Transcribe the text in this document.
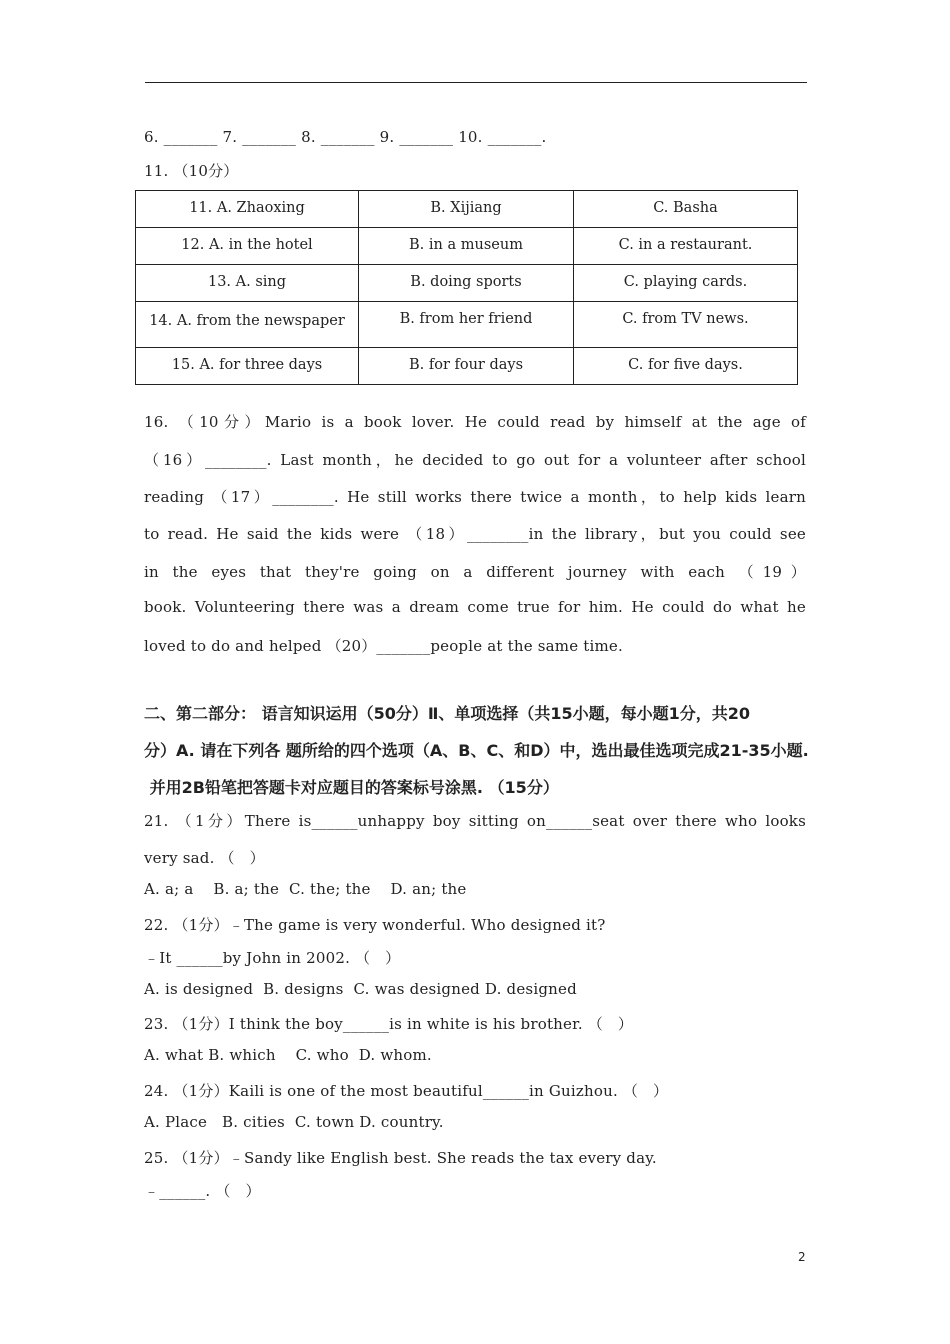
6. _______ 7. _______ 8. _______ 9. _______ 10. _______.
11. （10分）
11. A. Zhaoxing	B. Xijiang	C. Basha
12. A. in the hotel	B. in a museum	C. in a restaurant.
13. A. sing	B. doing sports	C. playing cards.
14. A. from the newspaper	B. from her friend	C. from TV news.
15. A. for three days	B. for four days	C. for five days.
16. （10分）Mario is a book lover. He could read by himself at the age of
（16）________. Last month，he decided to go out for a volunteer after school
reading （17）________. He still works there twice a month，to help kids learn
to read. He said the kids were （18）________in the library，but you could see
in the eyes that they're going on a different journey with each （19）
book. Volunteering there was a dream come true for him. He could do what he
loved to do and helped （20）_______people at the same time.
二、第二部分： 语言知识运用（50分）Ⅱ、单项选择（共15小题，每小题1分，共20
分）A. 请在下列各 题所给的四个选项（A、B、C、和D）中，选出最佳选项完成21-35小题.
并用2B铅笔把答题卡对应题目的答案标号涂黑. （15分）
21. （1分）There is______unhappy boy sitting on______seat over there who looks
very sad. （   ）
A. a; a    B. a; the  C. the; the    D. an; the
22. （1分）﹣The game is very wonderful. Who designed it?
﹣It ______by John in 2002. （   ）
A. is designed  B. designs  C. was designed D. designed
23. （1分）I think the boy______is in white is his brother. （   ）
A. what B. which    C. who  D. whom.
24. （1分）Kaili is one of the most beautiful______in Guizhou. （   ）
A. Place   B. cities  C. town D. country.
25. （1分）﹣Sandy like English best. She reads the tax every day.
﹣______. （   ）
2
